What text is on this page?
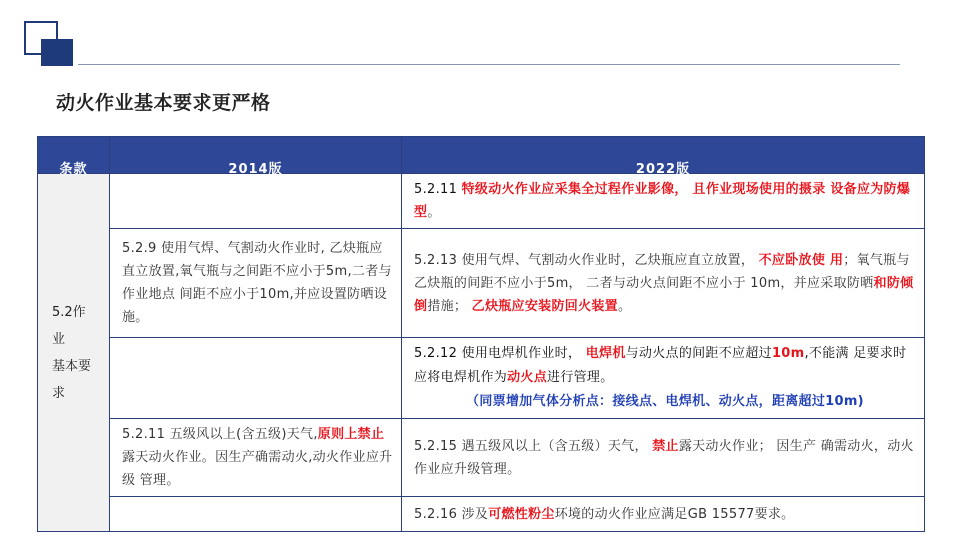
动火作业基本要求更严格
条款	2014版	2022版

5.2作
业
基本要
求		5.2.11 特级动火作业应采集全过程作业影像， 且作业现场使用的摄录 设备应为防爆型。
	5.2.9 使用气焊、气割动火作业时, 乙炔瓶应直立放置,氧气瓶与之间距不应小于5m,二者与作业地点 间距不应小于10m,并应设置防晒设施。	5.2.13 使用气焊、气割动火作业时，乙炔瓶应直立放置， 不应卧放使 用；氧气瓶与乙炔瓶的间距不应小于5m， 二者与动火点间距不应小于 10m，并应采取防晒和防倾倒措施； 乙炔瓶应安装防回火装置。
		5.2.12 使用电焊机作业时， 电焊机与动火点的间距不应超过10m,不能满 足要求时应将电焊机作为动火点进行管理。
（同票增加气体分析点：接线点、电焊机、动火点，距离超过10m)

	5.2.11 五级风以上(含五级)天气,原则上禁止露天动火作业。因生产确需动火,动火作业应升级 管理。	5.2.15 遇五级风以上（含五级）天气， 禁止露天动火作业； 因生产 确需动火，动火作业应升级管理。
		5.2.16 涉及可燃性粉尘环境的动火作业应满足GB 15577要求。
